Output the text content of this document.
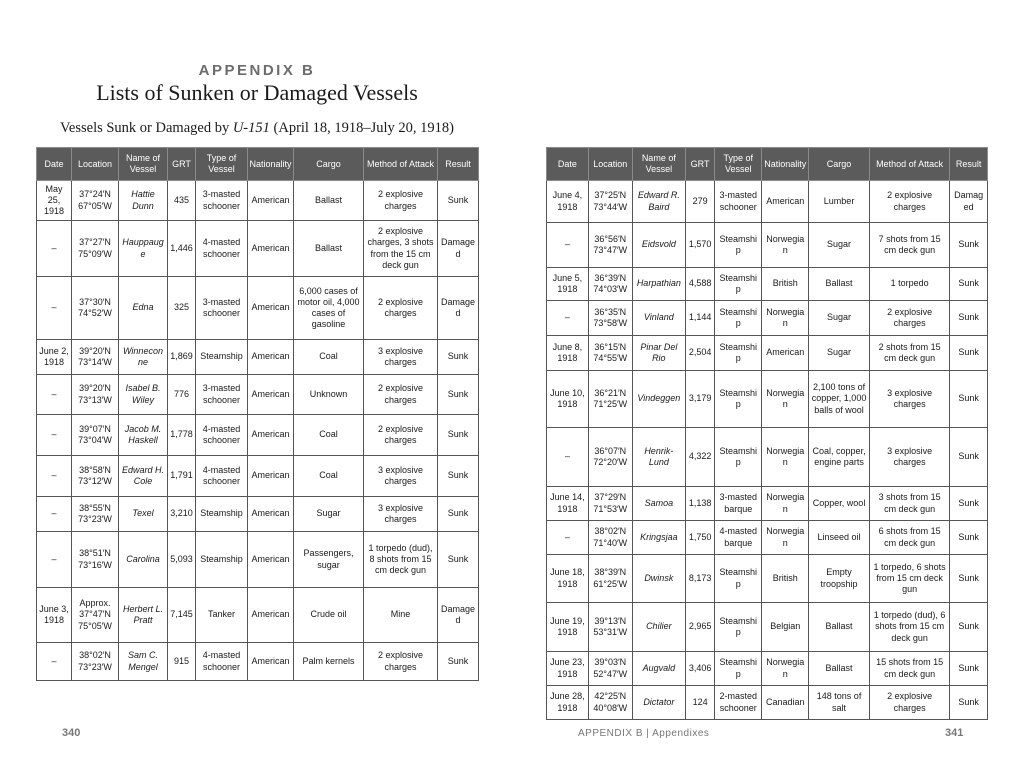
APPENDIX B
Lists of Sunken or Damaged Vessels
Vessels Sunk or Damaged by U-151 (April 18, 1918–July 20, 1918)
Date	Location	Name of Vessel	GRT	Type of Vessel	Nationality	Cargo	Method of Attack	Result
May 25, 1918	37°24′N 67°05′W	Hattie Dunn	435	3-masted schooner	American	Ballast	2 explosive charges	Sunk
–	37°27′N 75°09′W	Hauppauge	1,446	4-masted schooner	American	Ballast	2 explosive charges, 3 shots from the 15 cm deck gun	Damaged
–	37°30′N 74°52′W	Edna	325	3-masted schooner	American	6,000 cases of motor oil, 4,000 cases of gasoline	2 explosive charges	Damaged
June 2, 1918	39°20′N 73°14′W	Winneconne	1,869	Steamship	American	Coal	3 explosive charges	Sunk
–	39°20′N 73°13′W	Isabel B. Wiley	776	3-masted schooner	American	Unknown	2 explosive charges	Sunk
–	39°07′N 73°04′W	Jacob M. Haskell	1,778	4-masted schooner	American	Coal	2 explosive charges	Sunk
–	38°58′N 73°12′W	Edward H. Cole	1,791	4-masted schooner	American	Coal	3 explosive charges	Sunk
–	38°55′N 73°23′W	Texel	3,210	Steamship	American	Sugar	3 explosive charges	Sunk
–	38°51′N 73°16′W	Carolina	5,093	Steamship	American	Passengers, sugar	1 torpedo (dud), 8 shots from 15 cm deck gun	Sunk
June 3, 1918	Approx. 37°47′N 75°05′W	Herbert L. Pratt	7,145	Tanker	American	Crude oil	Mine	Damaged
–	38°02′N 73°23′W	Sam C. Mengel	915	4-masted schooner	American	Palm kernels	2 explosive charges	Sunk
Date	Location	Name of Vessel	GRT	Type of Vessel	Nationality	Cargo	Method of Attack	Result
June 4, 1918	37°25′N 73°44′W	Edward R. Baird	279	3-masted schooner	American	Lumber	2 explosive charges	Damaged
–	36°56′N 73°47′W	Eidsvold	1,570	Steamship	Norwegian	Sugar	7 shots from 15 cm deck gun	Sunk
June 5, 1918	36°39′N 74°03′W	Harpathian	4,588	Steamship	British	Ballast	1 torpedo	Sunk
–	36°35′N 73°58′W	Vinland	1,144	Steamship	Norwegian	Sugar	2 explosive charges	Sunk
June 8, 1918	36°15′N 74°55′W	Pinar Del Rio	2,504	Steamship	American	Sugar	2 shots from 15 cm deck gun	Sunk
June 10, 1918	36°21′N 71°25′W	Vindeggen	3,179	Steamship	Norwegian	2,100 tons of copper, 1,000 balls of wool	3 explosive charges	Sunk
–	36°07′N 72°20′W	Henrik-Lund	4,322	Steamship	Norwegian	Coal, copper, engine parts	3 explosive charges	Sunk
June 14, 1918	37°29′N 71°53′W	Samoa	1,138	3-masted barque	Norwegian	Copper, wool	3 shots from 15 cm deck gun	Sunk
–	38°02′N 71°40′W	Kringsjaa	1,750	4-masted barque	Norwegian	Linseed oil	6 shots from 15 cm deck gun	Sunk
June 18, 1918	38°39′N 61°25′W	Dwinsk	8,173	Steamship	British	Empty troopship	1 torpedo, 6 shots from 15 cm deck gun	Sunk
June 19, 1918	39°13′N 53°31′W	Chilier	2,965	Steamship	Belgian	Ballast	1 torpedo (dud), 6 shots from 15 cm deck gun	Sunk
June 23, 1918	39°03′N 52°47′W	Augvald	3,406	Steamship	Norwegian	Ballast	15 shots from 15 cm deck gun	Sunk
June 28, 1918	42°25′N 40°08′W	Dictator	124	2-masted schooner	Canadian	148 tons of salt	2 explosive charges	Sunk
340	APPENDIX B | Appendixes	341
